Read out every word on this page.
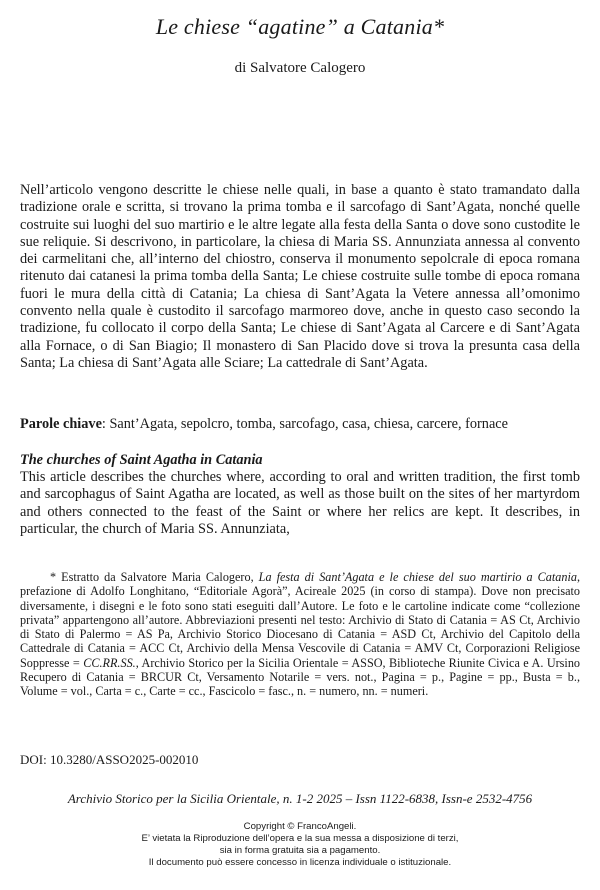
Le chiese “agatine” a Catania*
di Salvatore Calogero

Nell’articolo vengono descritte le chiese nelle quali, in base a quanto è stato tramandato dalla tradizione orale e scritta, si trovano la prima tomba e il sarcofago di Sant’Agata, nonché quelle costruite sui luoghi del suo martirio e le altre legate alla festa della Santa o dove sono custodite le sue reliquie. Si descrivono, in particolare, la chiesa di Maria SS. Annunziata annessa al convento dei carmelitani che, all’interno del chiostro, conserva il monumento sepolcrale di epoca romana ritenuto dai catanesi la prima tomba della Santa; Le chiese costruite sulle tombe di epoca romana fuori le mura della città di Catania; La chiesa di Sant’Agata la Vetere annessa all’omonimo convento nella quale è custodito il sarcofago marmoreo dove, anche in questo caso secondo la tradizione, fu collocato il corpo della Santa; Le chiese di Sant’Agata al Carcere e di Sant’Agata alla Fornace, o di San Biagio; Il monastero di San Placido dove si trova la presunta casa della Santa; La chiesa di Sant’Agata alle Sciare; La cattedrale di Sant’Agata.

Parole chiave: Sant’Agata, sepolcro, tomba, sarcofago, casa, chiesa, carcere, fornace

The churches of Saint Agatha in Catania

This article describes the churches where, according to oral and written tradition, the first tomb and sarcophagus of Saint Agatha are located, as well as those built on the sites of her martyrdom and others connected to the feast of the Saint or where her relics are kept. It describes, in particular, the church of Maria SS. Annunziata,

* Estratto da Salvatore Maria Calogero, La festa di Sant’Agata e le chiese del suo martirio a Catania, prefazione di Adolfo Longhitano, “Editoriale Agorà”, Acireale 2025 (in corso di stampa). Dove non precisato diversamente, i disegni e le foto sono stati eseguiti dall’Autore. Le foto e le cartoline indicate come “collezione privata” appartengono all’autore. Abbreviazioni presenti nel testo: Archivio di Stato di Catania = AS Ct, Archivio di Stato di Palermo = AS Pa, Archivio Storico Diocesano di Catania = ASD Ct, Archivio del Capitolo della Cattedrale di Catania = ACC Ct, Archivio della Mensa Vescovile di Catania = AMV Ct, Corporazioni Religiose Soppresse = CC.RR.SS., Archivio Storico per la Sicilia Orientale = ASSO, Biblioteche Riunite Civica e A. Ursino Recupero di Catania = BRCUR Ct, Versamento Notarile = vers. not., Pagina = p., Pagine = pp., Busta = b., Volume = vol., Carta = c., Carte = cc., Fascicolo = fasc., n. = numero, nn. = numeri.

DOI: 10.3280/ASSO2025-002010
Archivio Storico per la Sicilia Orientale, n. 1-2 2025 – Issn 1122-6838, Issn-e 2532-4756
Copyright © FrancoAngeli.
E’ vietata la Riproduzione dell’opera e la sua messa a disposizione di terzi,
sia in forma gratuita sia a pagamento.
Il documento può essere concesso in licenza individuale o istituzionale.
